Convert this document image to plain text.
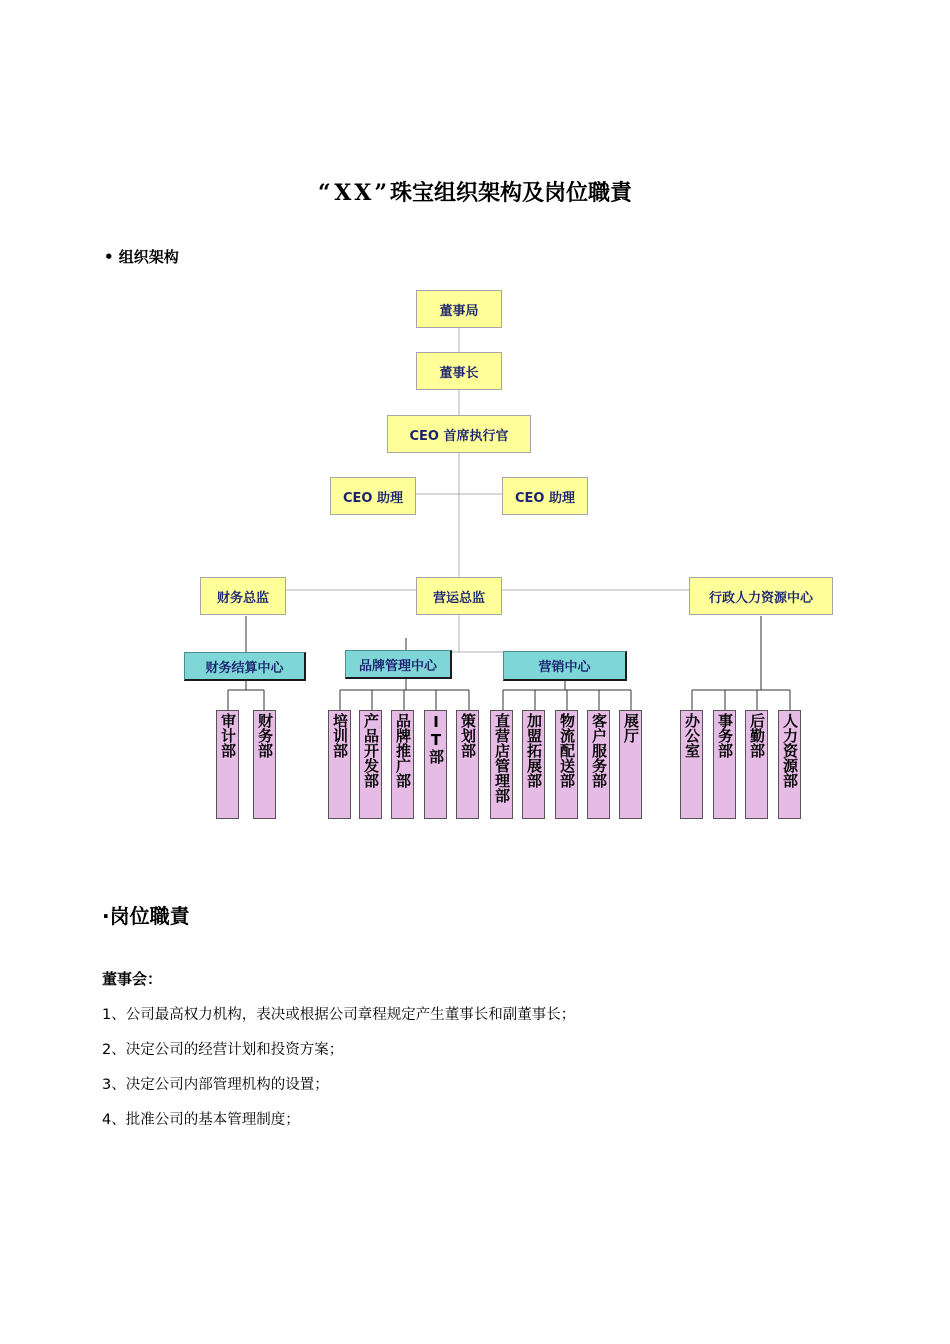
“XX”珠宝组织架构及岗位職責
• 组织架构
董事局
董事长
CEO 首席执行官
CEO 助理	CEO 助理
财务总监	营运总监	行政人力资源中心
财务结算中心	品牌管理中心	营销中心
审计部 财务部	培训部 产品开发部 品牌推广部 IT部 策划部 直营店管理部 加盟拓展部 物流配送部 客户服务部 展厅	办公室 事务部 后勤部 人力资源部
·岗位職責
董事会：
1、公司最高权力机构，表决或根据公司章程规定产生董事长和副董事长；
2、决定公司的经营计划和投资方案；
3、决定公司内部管理机构的设置；
4、批准公司的基本管理制度；
